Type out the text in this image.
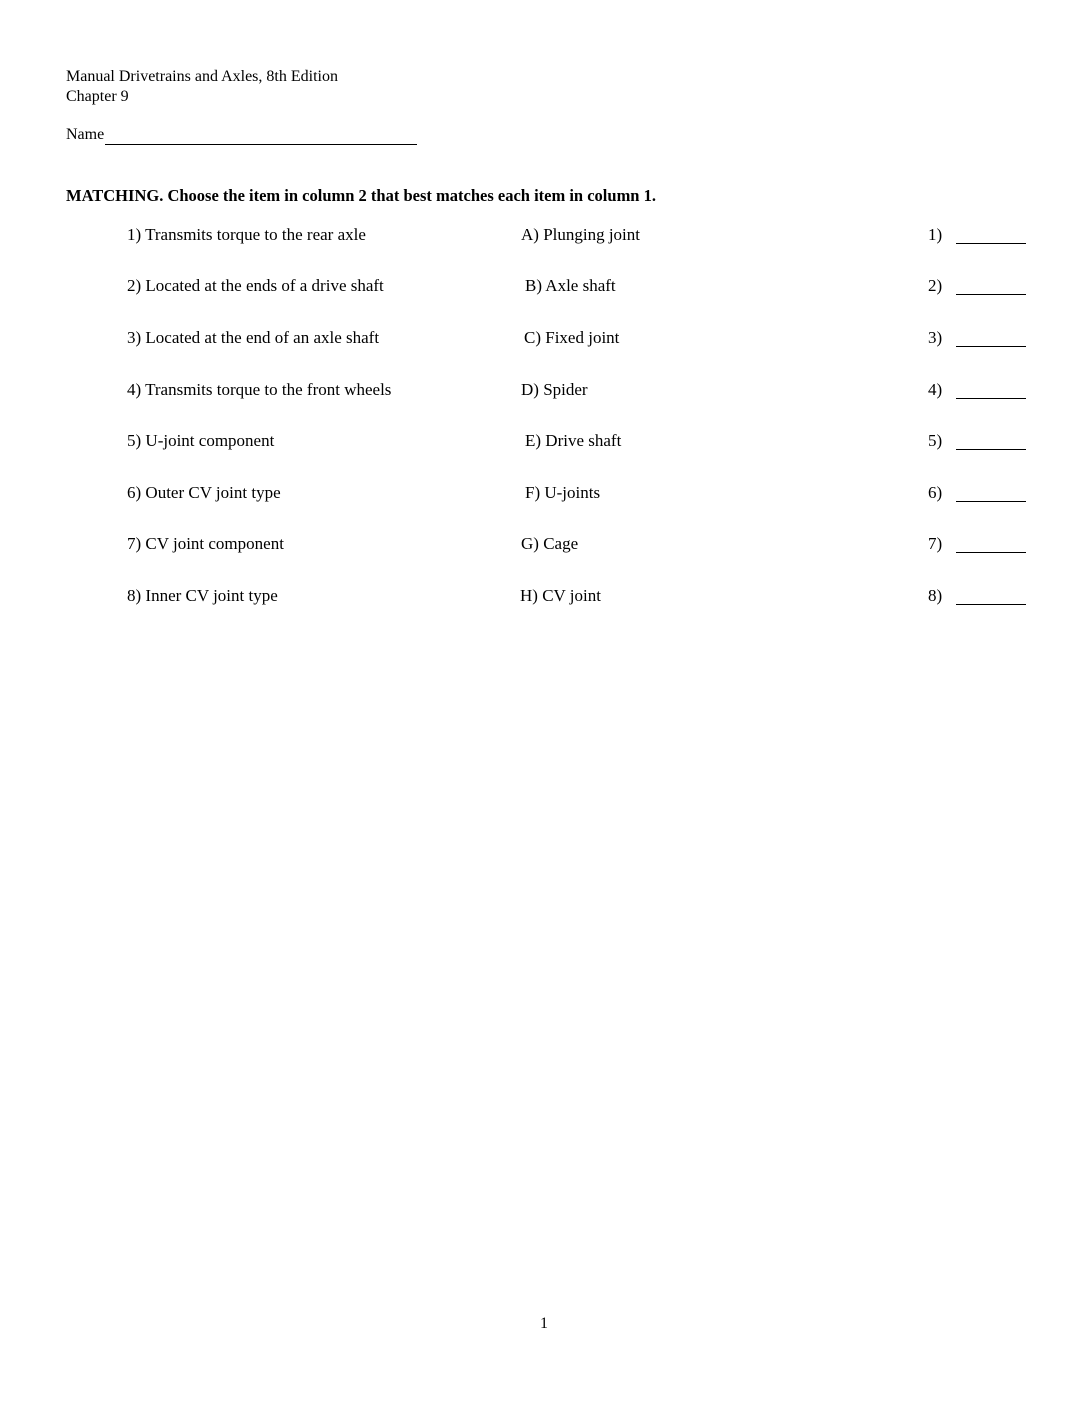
Manual Drivetrains and Axles, 8th Edition
Chapter 9
Name
MATCHING. Choose the item in column 2 that best matches each item in column 1.
1) Transmits torque to the rear axle	A) Plunging joint	1)
2) Located at the ends of a drive shaft	B) Axle shaft	2)
3) Located at the end of an axle shaft	C) Fixed joint	3)
4) Transmits torque to the front wheels	D) Spider	4)
5) U-joint component	E) Drive shaft	5)
6) Outer CV joint type	F) U-joints	6)
7) CV joint component	G) Cage	7)
8) Inner CV joint type	H) CV joint	8)
1
